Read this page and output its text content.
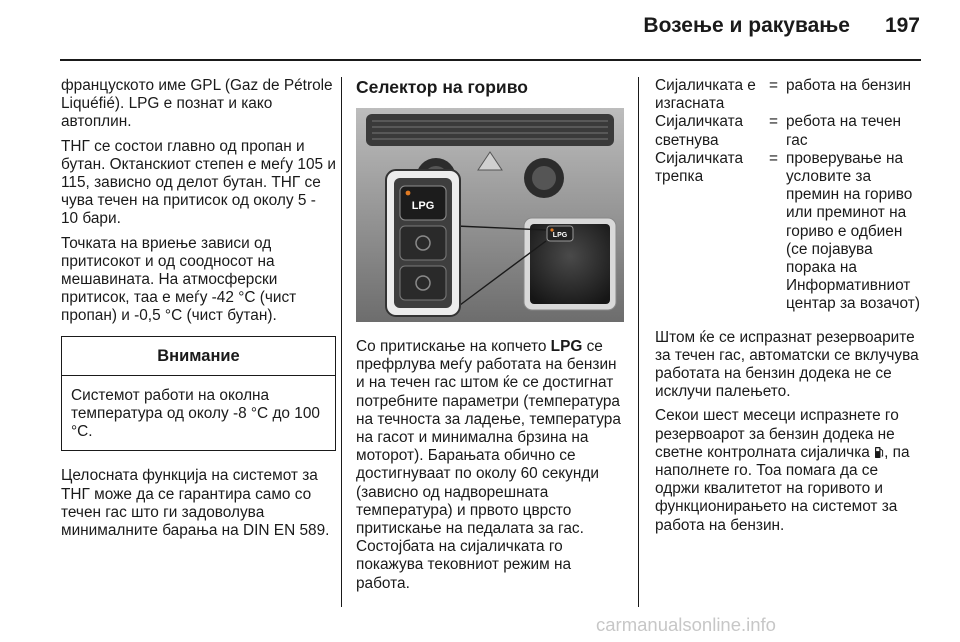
Возење и ракување	197

францускoто име GPL (Gaz de Pétrole Liquéfié). LPG е познат и како автоплин.

ТНГ се состои главно од пропан и бутан. Октанскиот степен е меѓу 105 и 115, зависно од делот бутан. ТНГ се чува течен на притисок од околу 5 - 10 бари.

Точката на вриење зависи од притисокот и од соодносот на мешавината. На атмосферски притисок, таа е меѓу -42 °C (чист пропан) и -0,5 °C (чист бутан).

Внимание
Системот работи на околна температура од околу -8 °C до 100 °C.

Целосната функција на системот за ТНГ може да се гарантира само со течен гас што ги задоволува минималните барања на DIN EN 589.

Селектор на гориво
LPG
LPG
Со притискање на копчето LPG се префрлува меѓу работата на бензин и на течен гас штом ќе се достигнат потребните параметри (температура на течноста за ладење, температура на гасот и минимална брзина на моторот). Барањата обично се достигнуваат по околу 60 секунди (зависно од надворешната температура) и првото цврсто притискање на педалата за гас. Состојбата на сијаличката го покажува тековниот режим на работа.
Сијаличката е изгасната
= работа на бензин
Сијаличката светнува
= ребота на течен гас
Сијаличката трепка
= проверување на условите за премин на гориво или преминот на гориво е одбиен (се појавува порака на Информативниот центар за возачот)

Штом ќе се испразнат резервоарите за течен гас, автоматски се вклучува работата на бензин додека не се исклучи палењето.

Секои шест месеци испразнете го резервоарот за бензин додека не светне контролната сијаличка , па наполнете го. Тоа помага да се одржи квалитетот на горивото и функционирањето на системот за работа на бензин.

carmanualsonline.info
